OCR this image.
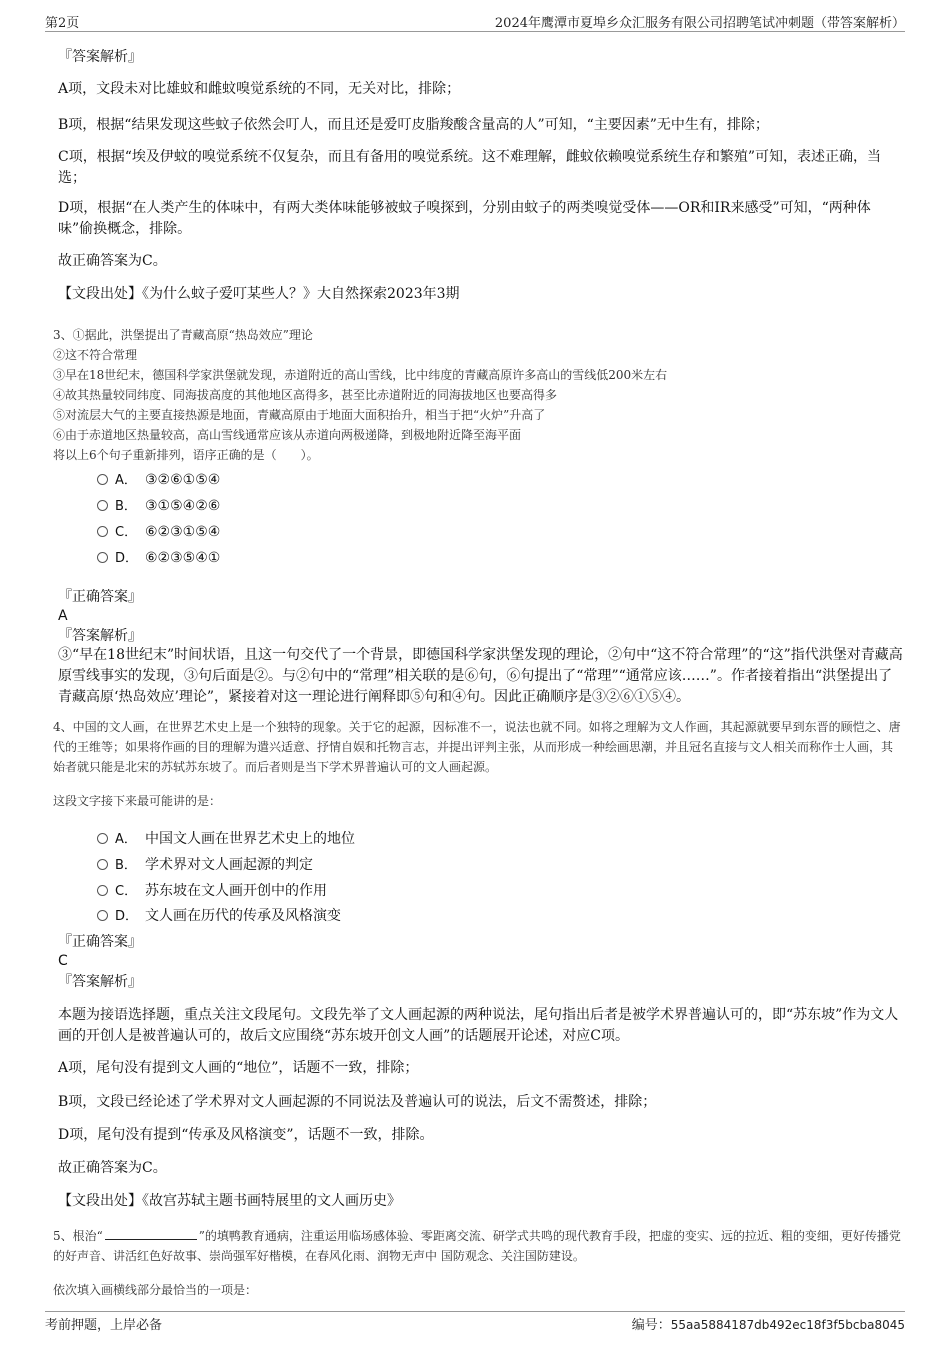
第2页	2024年鹰潭市夏埠乡众汇服务有限公司招聘笔试冲刺题（带答案解析）
『答案解析』
A项，文段未对比雄蚊和雌蚊嗅觉系统的不同，无关对比，排除；
B项，根据“结果发现这些蚊子依然会叮人，而且还是爱叮皮脂羧酸含量高的人”可知，“主要因素”无中生有，排除；
C项，根据“埃及伊蚊的嗅觉系统不仅复杂，而且有备用的嗅觉系统。这不难理解，雌蚊依赖嗅觉系统生存和繁殖”可知，表述正确，当选；
D项，根据“在人类产生的体味中，有两大类体味能够被蚊子嗅探到，分别由蚊子的两类嗅觉受体——OR和IR来感受”可知，“两种体味”偷换概念，排除。
故正确答案为C。
【文段出处】《为什么蚊子爱叮某些人？》大自然探索2023年3期
3、①据此，洪堡提出了青藏高原“热岛效应”理论
②这不符合常理
③早在18世纪末，德国科学家洪堡就发现，赤道附近的高山雪线，比中纬度的青藏高原许多高山的雪线低200米左右
④故其热量较同纬度、同海拔高度的其他地区高得多，甚至比赤道附近的同海拔地区也要高得多
⑤对流层大气的主要直接热源是地面，青藏高原由于地面大面积抬升，相当于把“火炉”升高了
⑥由于赤道地区热量较高，高山雪线通常应该从赤道向两极递降，到极地附近降至海平面
将以上6个句子重新排列，语序正确的是（　　）。
A． ③②⑥①⑤④
B． ③①⑤④②⑥
C． ⑥②③①⑤④
D． ⑥②③⑤④①
『正确答案』
A
『答案解析』
③“早在18世纪末”时间状语，且这一句交代了一个背景，即德国科学家洪堡发现的理论，②句中“这不符合常理”的“这”指代洪堡对青藏高原雪线事实的发现，③句后面是②。与②句中的“常理”相关联的是⑥句，⑥句提出了“常理”“通常应该……”。作者接着指出“洪堡提出了青藏高原‘热岛效应’理论”，紧接着对这一理论进行阐释即⑤句和④句。因此正确顺序是③②⑥①⑤④。
4、中国的文人画，在世界艺术史上是一个独特的现象。关于它的起源，因标准不一，说法也就不同。如将之理解为文人作画，其起源就要早到东晋的顾恺之、唐代的王维等；如果将作画的目的理解为遣兴适意、抒情自娱和托物言志，并提出评判主张，从而形成一种绘画思潮，并且冠名直接与文人相关而称作士人画，其始者就只能是北宋的苏轼苏东坡了。而后者则是当下学术界普遍认可的文人画起源。
这段文字接下来最可能讲的是：
A． 中国文人画在世界艺术史上的地位
B． 学术界对文人画起源的判定
C． 苏东坡在文人画开创中的作用
D． 文人画在历代的传承及风格演变
『正确答案』
C
『答案解析』
本题为接语选择题，重点关注文段尾句。文段先举了文人画起源的两种说法，尾句指出后者是被学术界普遍认可的，即“苏东坡”作为文人画的开创人是被普遍认可的，故后文应围绕“苏东坡开创文人画”的话题展开论述，对应C项。
A项，尾句没有提到文人画的“地位”，话题不一致，排除；
B项，文段已经论述了学术界对文人画起源的不同说法及普遍认可的说法，后文不需赘述，排除；
D项，尾句没有提到“传承及风格演变”，话题不一致，排除。
故正确答案为C。
【文段出处】《故宫苏轼主题书画特展里的文人画历史》
5、根治“	”的填鸭教育通病，注重运用临场感体验、零距离交流、研学式共鸣的现代教育手段，把虚的变实、远的拉近、粗的变细，更好传播党的好声音、讲活红色好故事、崇尚强军好楷模，在春风化雨、润物无声中 国防观念、关注国防建设。
依次填入画横线部分最恰当的一项是：
考前押题，上岸必备	编号：55aa5884187db492ec18f3f5bcba8045
